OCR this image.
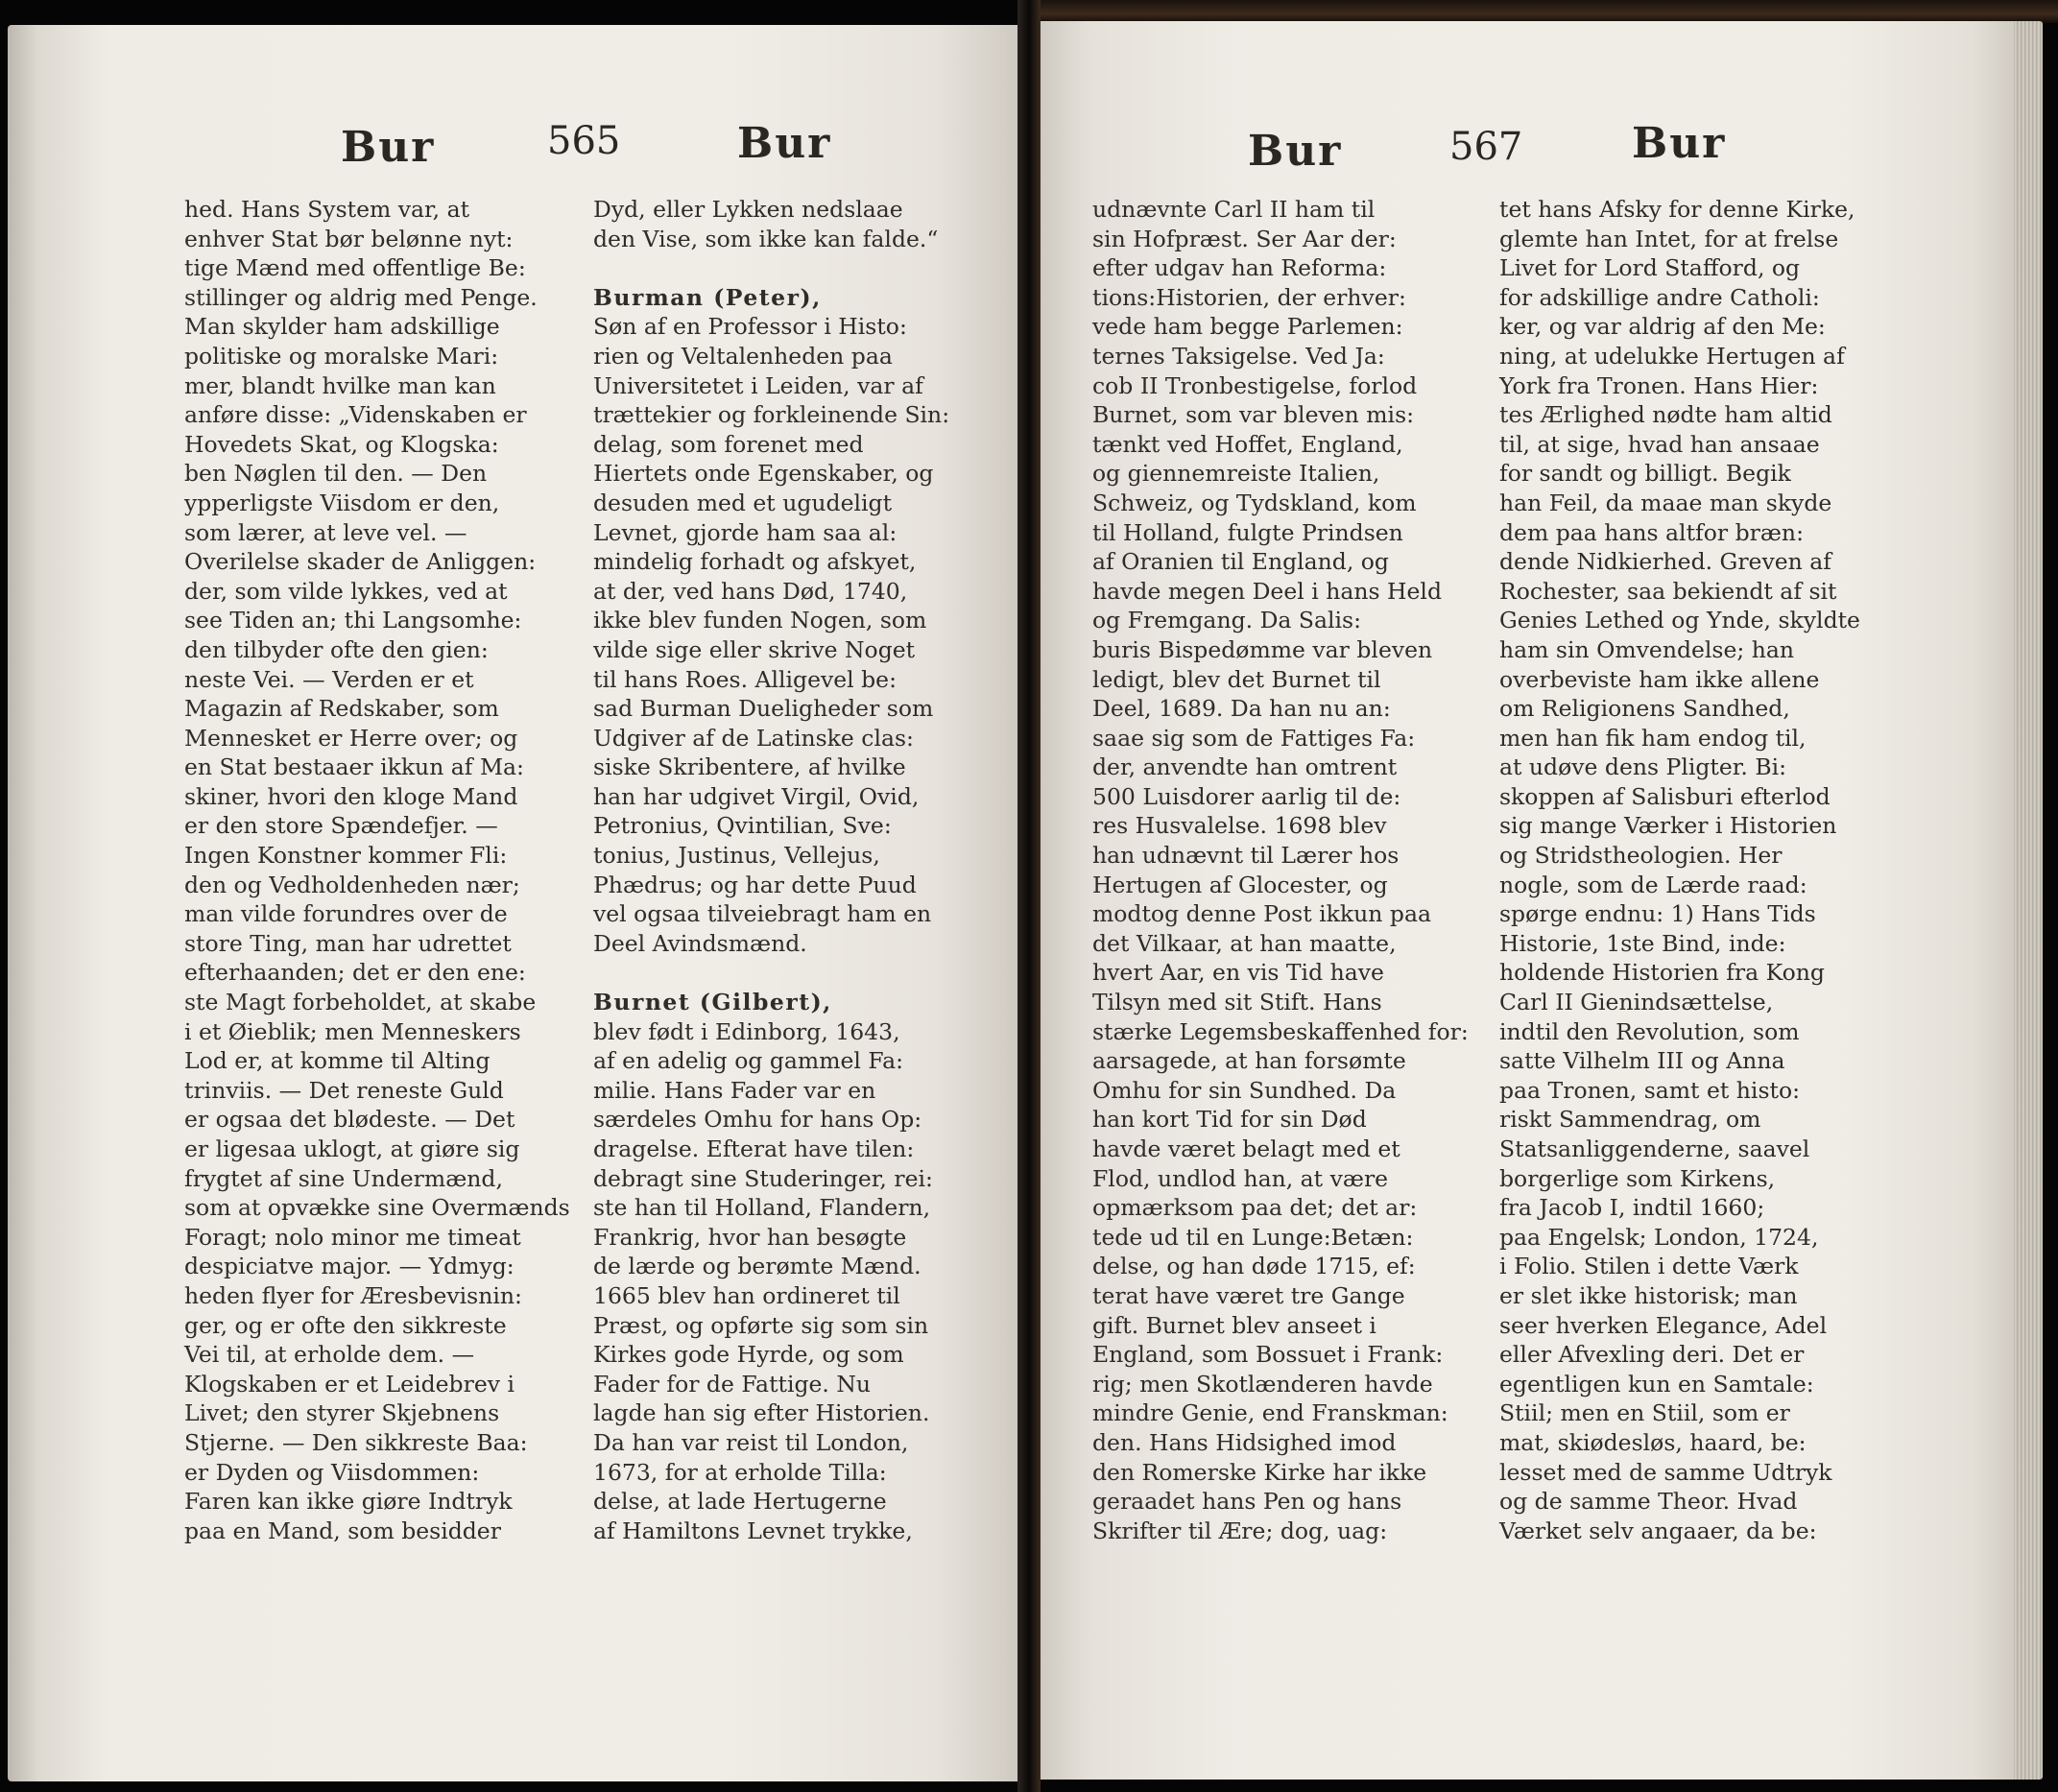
Bur	565	Bur	Bur	567	Bur
hed. Hans System var, at
enhver Stat bør belønne nyt:
tige Mænd med offentlige Be:
stillinger og aldrig med Penge.
Man skylder ham adskillige
politiske og moralske Mari:
mer, blandt hvilke man kan
anføre disse: „Videnskaben er
Hovedets Skat, og Klogska:
ben Nøglen til den. — Den
ypperligste Viisdom er den,
som lærer, at leve vel. —
Overilelse skader de Anliggen:
der, som vilde lykkes, ved at
see Tiden an; thi Langsomhe:
den tilbyder ofte den gien:
neste Vei. — Verden er et
Magazin af Redskaber, som
Mennesket er Herre over; og
en Stat bestaaer ikkun af Ma:
skiner, hvori den kloge Mand
er den store Spændefjer. —
Ingen Konstner kommer Fli:
den og Vedholdenheden nær;
man vilde forundres over de
store Ting, man har udrettet
efterhaanden; det er den ene:
ste Magt forbeholdet, at skabe
i et Øieblik; men Menneskers
Lod er, at komme til Alting
trinviis. — Det reneste Guld
er ogsaa det blødeste. — Det
er ligesaa uklogt, at giøre sig
frygtet af sine Undermænd,
som at opvække sine Overmænds
Foragt; nolo minor me timeat
despiciatve major. — Ydmyg:
heden flyer for Æresbevisnin:
ger, og er ofte den sikkreste
Vei til, at erholde dem. —
Klogskaben er et Leidebrev i
Livet; den styrer Skjebnens
Stjerne. — Den sikkreste Baa:
er Dyden og Viisdommen:
Faren kan ikke giøre Indtryk
paa en Mand, som besidder
Dyd, eller Lykken nedslaae
den Vise, som ikke kan falde.“
Burman (Peter),
Søn af en Professor i Histo:
rien og Veltalenheden paa
Universitetet i Leiden, var af
trættekier og forkleinende Sin:
delag, som forenet med
Hiertets onde Egenskaber, og
desuden med et ugudeligt
Levnet, gjorde ham saa al:
mindelig forhadt og afskyet,
at der, ved hans Død, 1740,
ikke blev funden Nogen, som
vilde sige eller skrive Noget
til hans Roes. Alligevel be:
sad Burman Dueligheder som
Udgiver af de Latinske clas:
siske Skribentere, af hvilke
han har udgivet Virgil, Ovid,
Petronius, Qvintilian, Sve:
tonius, Justinus, Vellejus,
Phædrus; og har dette Puud
vel ogsaa tilveiebragt ham en
Deel Avindsmænd.
Burnet (Gilbert),
blev født i Edinborg, 1643,
af en adelig og gammel Fa:
milie. Hans Fader var en
særdeles Omhu for hans Op:
dragelse. Efterat have tilen:
debragt sine Studeringer, rei:
ste han til Holland, Flandern,
Frankrig, hvor han besøgte
de lærde og berømte Mænd.
1665 blev han ordineret til
Præst, og opførte sig som sin
Kirkes gode Hyrde, og som
Fader for de Fattige. Nu
lagde han sig efter Historien.
Da han var reist til London,
1673, for at erholde Tilla:
delse, at lade Hertugerne
af Hamiltons Levnet trykke,
udnævnte Carl II ham til
sin Hofpræst. Ser Aar der:
efter udgav han Reforma:
tions:Historien, der erhver:
vede ham begge Parlemen:
ternes Taksigelse. Ved Ja:
cob II Tronbestigelse, forlod
Burnet, som var bleven mis:
tænkt ved Hoffet, England,
og giennemreiste Italien,
Schweiz, og Tydskland, kom
til Holland, fulgte Prindsen
af Oranien til England, og
havde megen Deel i hans Held
og Fremgang. Da Salis:
buris Bispedømme var bleven
ledigt, blev det Burnet til
Deel, 1689. Da han nu an:
saae sig som de Fattiges Fa:
der, anvendte han omtrent
500 Luisdorer aarlig til de:
res Husvalelse. 1698 blev
han udnævnt til Lærer hos
Hertugen af Glocester, og
modtog denne Post ikkun paa
det Vilkaar, at han maatte,
hvert Aar, en vis Tid have
Tilsyn med sit Stift. Hans
stærke Legemsbeskaffenhed for:
aarsagede, at han forsømte
Omhu for sin Sundhed. Da
han kort Tid for sin Død
havde været belagt med et
Flod, undlod han, at være
opmærksom paa det; det ar:
tede ud til en Lunge:Betæn:
delse, og han døde 1715, ef:
terat have været tre Gange
gift. Burnet blev anseet i
England, som Bossuet i Frank:
rig; men Skotlænderen havde
mindre Genie, end Franskman:
den. Hans Hidsighed imod
den Romerske Kirke har ikke
geraadet hans Pen og hans
Skrifter til Ære; dog, uag:
tet hans Afsky for denne Kirke,
glemte han Intet, for at frelse
Livet for Lord Stafford, og
for adskillige andre Catholi:
ker, og var aldrig af den Me:
ning, at udelukke Hertugen af
York fra Tronen. Hans Hier:
tes Ærlighed nødte ham altid
til, at sige, hvad han ansaae
for sandt og billigt. Begik
han Feil, da maae man skyde
dem paa hans altfor bræn:
dende Nidkierhed. Greven af
Rochester, saa bekiendt af sit
Genies Lethed og Ynde, skyldte
ham sin Omvendelse; han
overbeviste ham ikke allene
om Religionens Sandhed,
men han fik ham endog til,
at udøve dens Pligter. Bi:
skoppen af Salisburi efterlod
sig mange Værker i Historien
og Stridstheologien. Her
nogle, som de Lærde raad:
spørge endnu: 1) Hans Tids
Historie, 1ste Bind, inde:
holdende Historien fra Kong
Carl II Gienindsættelse,
indtil den Revolution, som
satte Vilhelm III og Anna
paa Tronen, samt et histo:
riskt Sammendrag, om
Statsanliggenderne, saavel
borgerlige som Kirkens,
fra Jacob I, indtil 1660;
paa Engelsk; London, 1724,
i Folio. Stilen i dette Værk
er slet ikke historisk; man
seer hverken Elegance, Adel
eller Afvexling deri. Det er
egentligen kun en Samtale:
Stiil; men en Stiil, som er
mat, skiødesløs, haard, be:
lesset med de samme Udtryk
og de samme Theor. Hvad
Værket selv angaaer, da be:
